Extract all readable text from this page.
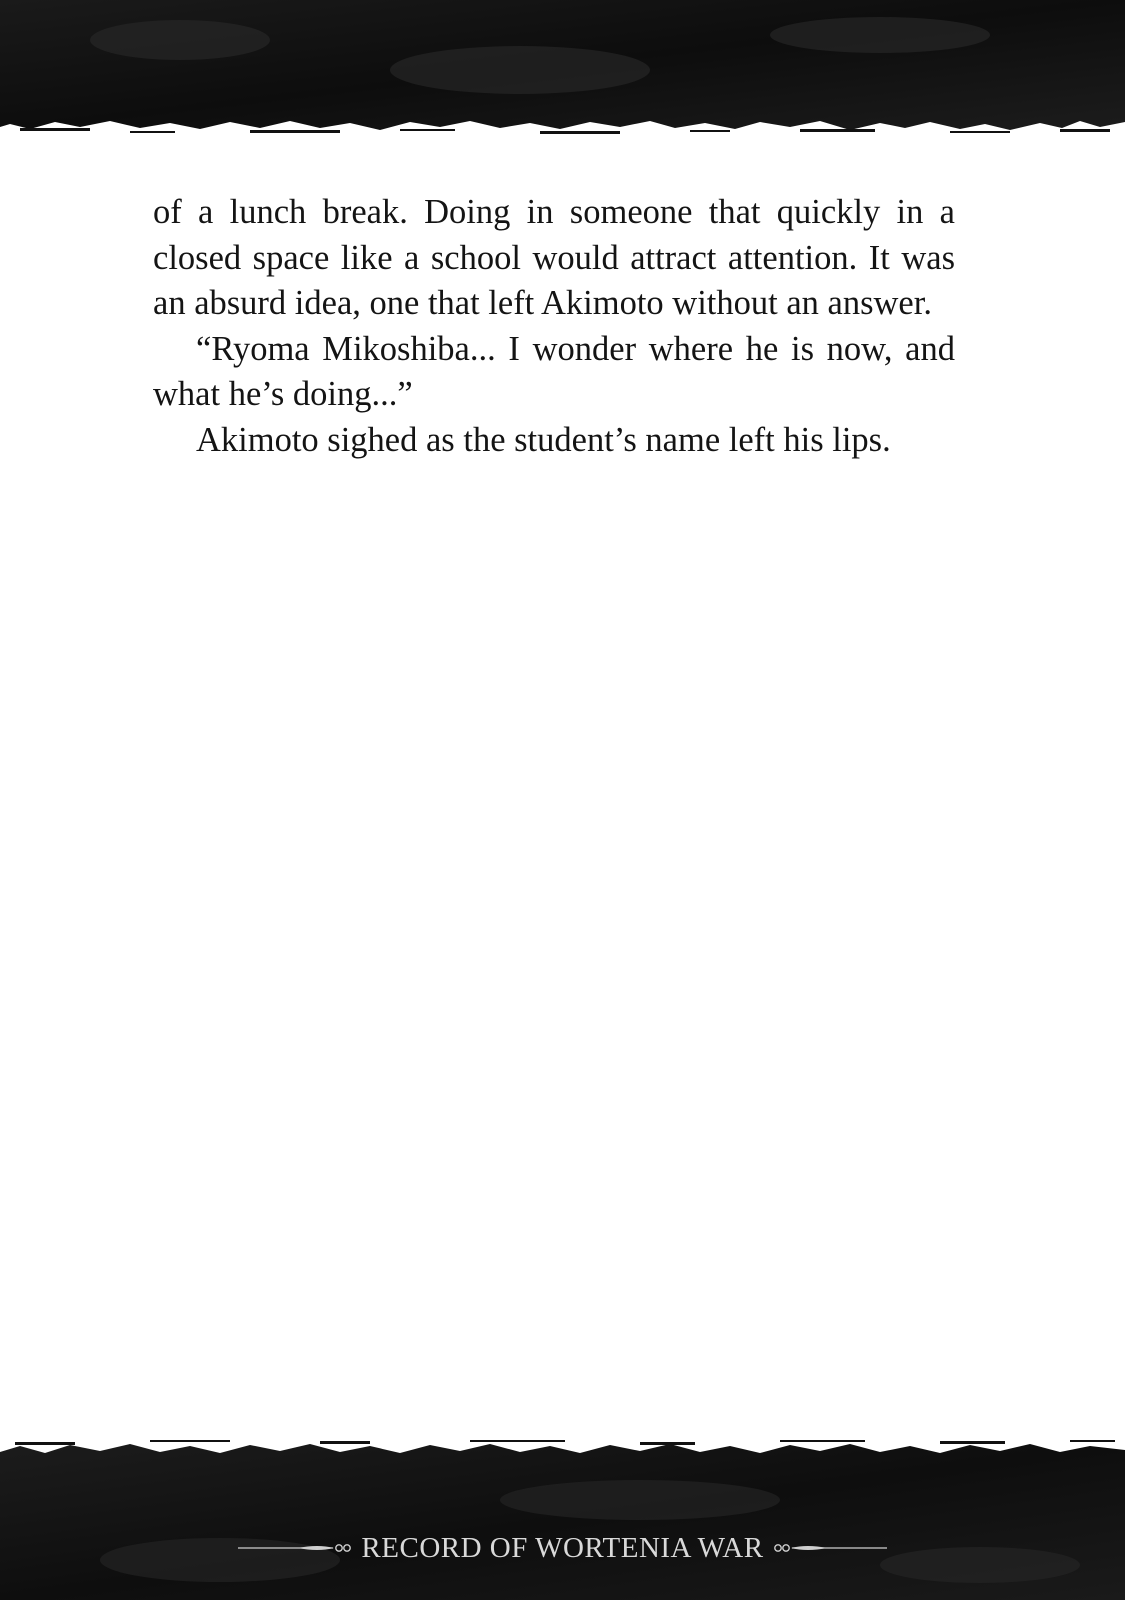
of a lunch break. Doing in someone that quickly in a closed space like a school would attract attention. It was an absurd idea, one that left Akimoto without an answer.

“Ryoma Mikoshiba... I wonder where he is now, and what he’s doing...”

Akimoto sighed as the student’s name left his lips.

RECORD OF WORTENIA WAR
